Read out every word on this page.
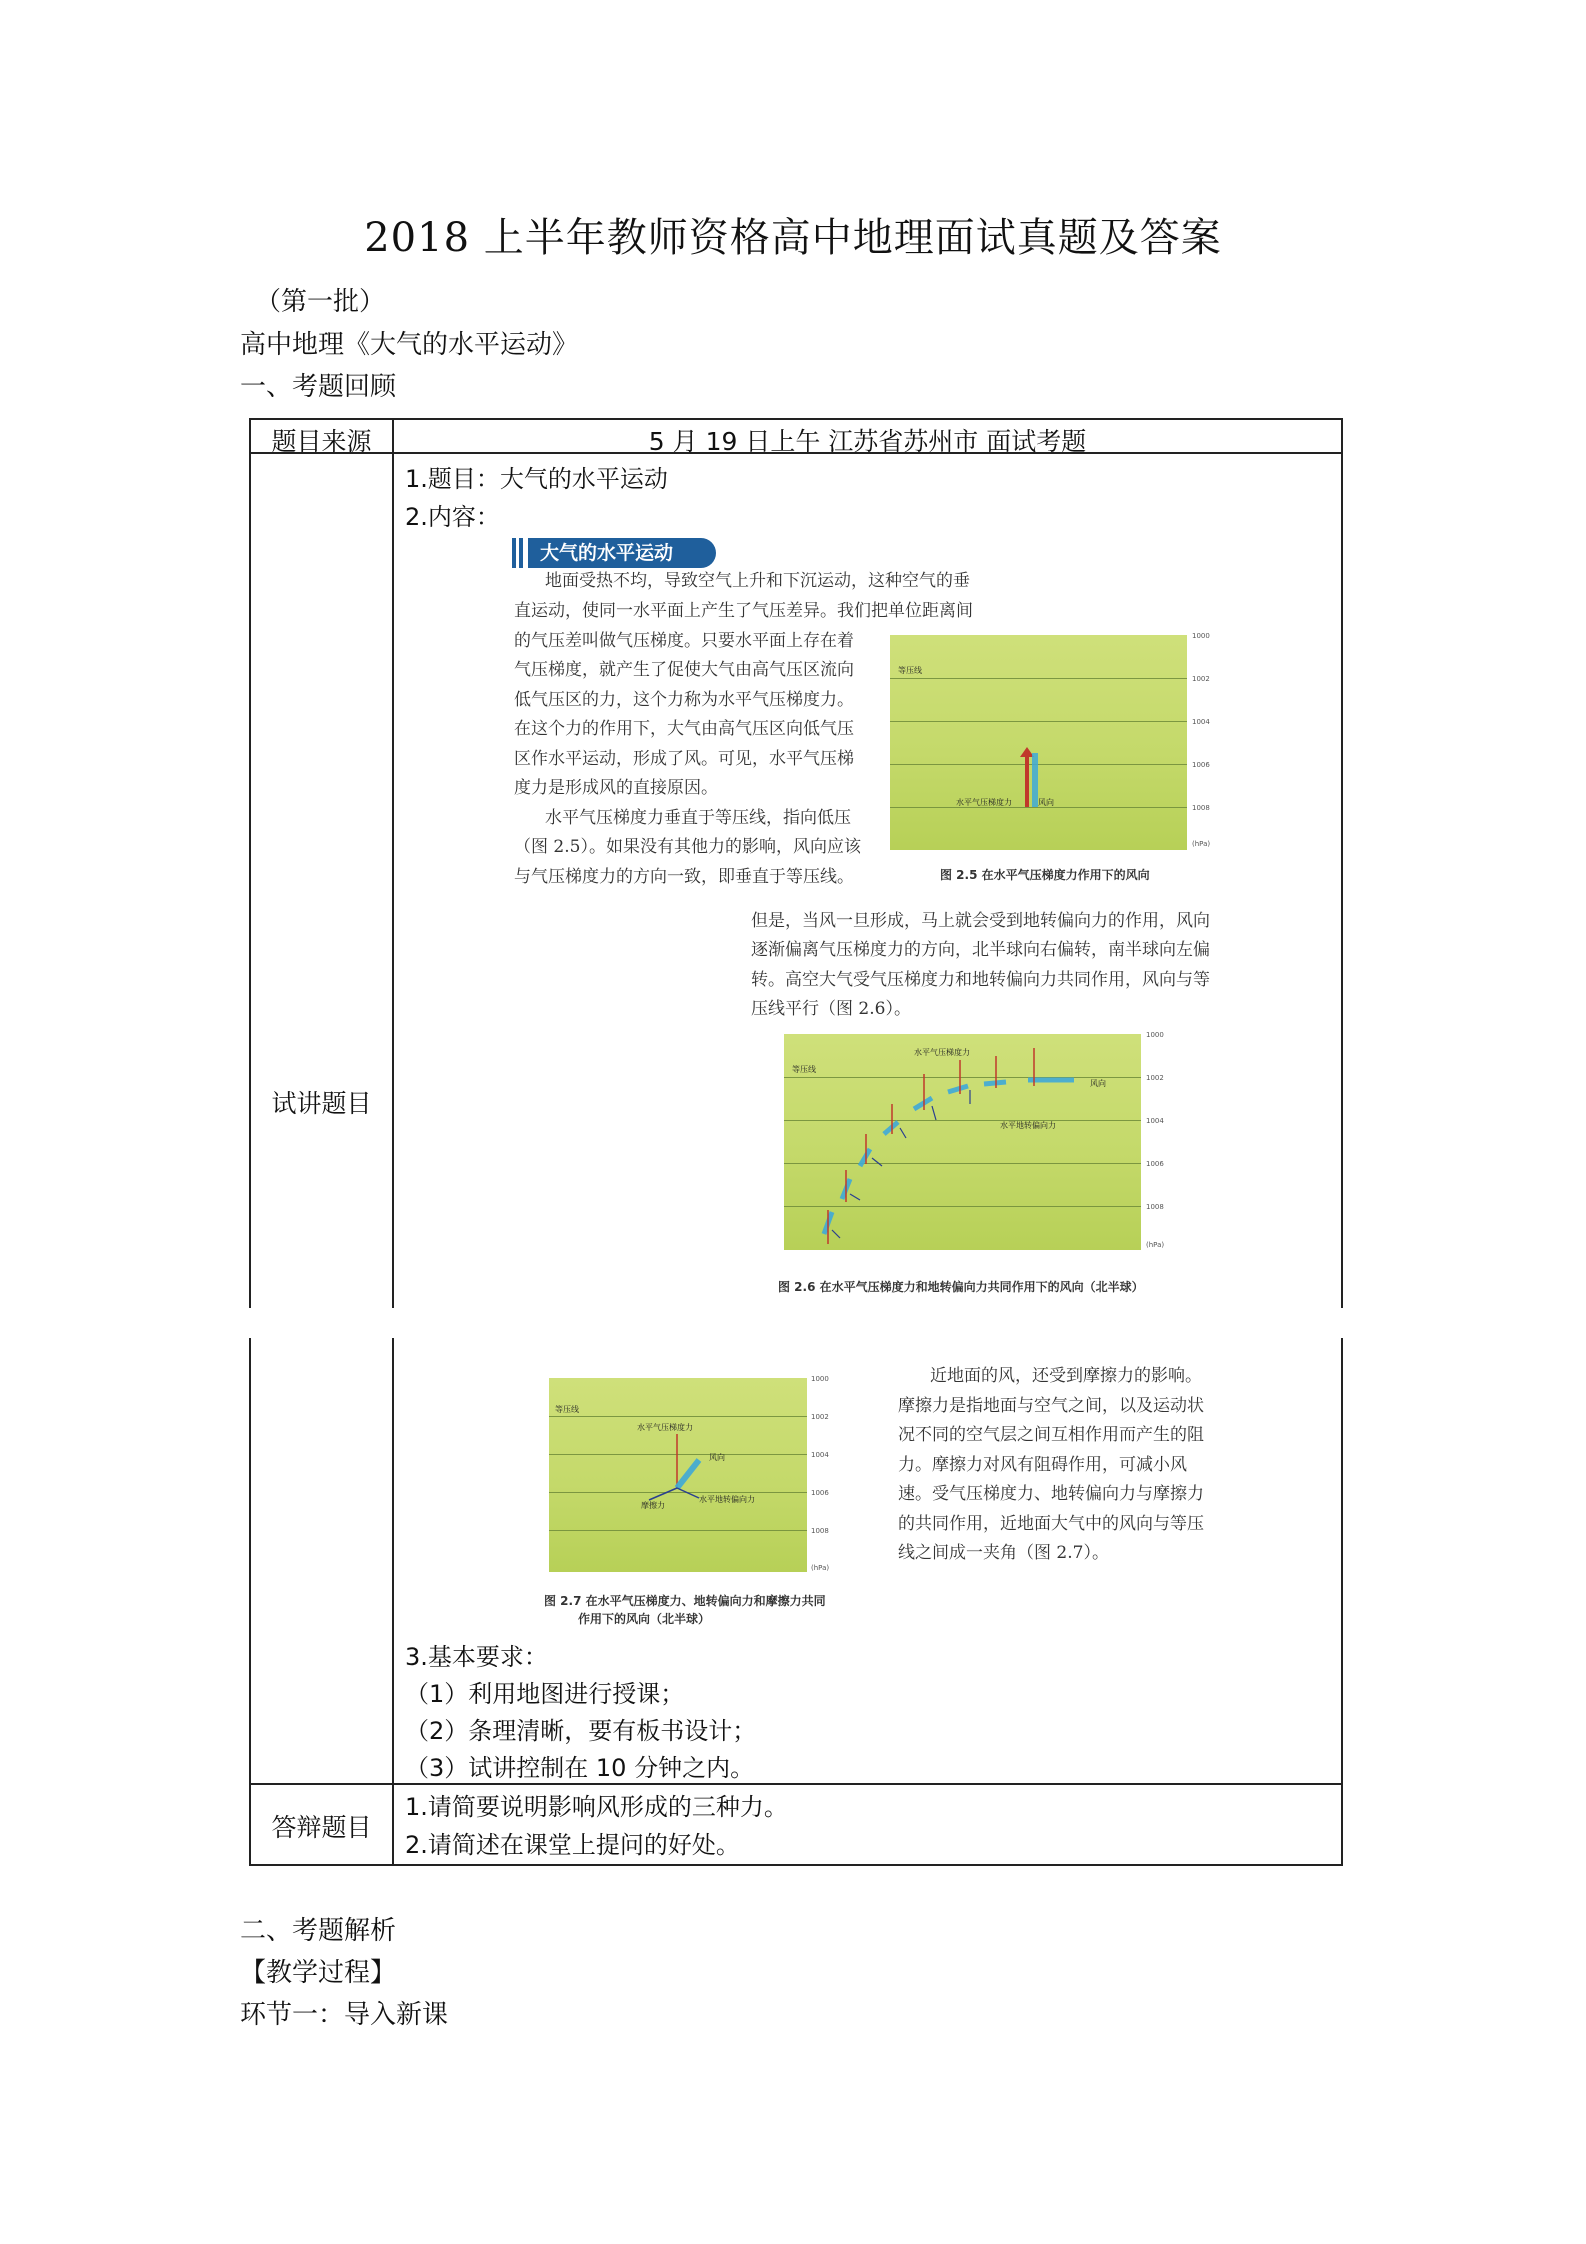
2018 上半年教师资格高中地理面试真题及答案
（第一批）
高中地理《大气的水平运动》
一、考题回顾
题目来源	5 月 19 日上午 江苏省苏州市 面试考题
试讲题目
答辩题目
1.题目：大气的水平运动
2.内容：
大气的水平运动
地面受热不均，导致空气上升和下沉运动，这种空气的垂
直运动，使同一水平面上产生了气压差异。我们把单位距离间
的气压差叫做气压梯度。只要水平面上存在着
气压梯度，就产生了促使大气由高气压区流向
低气压区的力，这个力称为水平气压梯度力。
在这个力的作用下，大气由高气压区向低气压
区作水平运动，形成了风。可见，水平气压梯
度力是形成风的直接原因。
水平气压梯度力垂直于等压线，指向低压
（图 2.5）。如果没有其他力的影响，风向应该
与气压梯度力的方向一致，即垂直于等压线。
等压线
水平气压梯度力	风向
1000
1002
1004
1006
1008
(hPa)
图 2.5 在水平气压梯度力作用下的风向
但是，当风一旦形成，马上就会受到地转偏向力的作用，风向
逐渐偏离气压梯度力的方向，北半球向右偏转，南半球向左偏
转。高空大气受气压梯度力和地转偏向力共同作用，风向与等
压线平行（图 2.6）。
等压线
水平气压梯度力
风向
水平地转偏向力
1000
1002
1004
1006
1008
(hPa)
图 2.6 在水平气压梯度力和地转偏向力共同作用下的风向（北半球）
等压线
水平气压梯度力
风向
水平地转偏向力
摩擦力
1000
1002
1004
1006
1008
(hPa)
图 2.7 在水平气压梯度力、地转偏向力和摩擦力共同
作用下的风向（北半球）
近地面的风，还受到摩擦力的影响。
摩擦力是指地面与空气之间，以及运动状
况不同的空气层之间互相作用而产生的阻
力。摩擦力对风有阻碍作用，可减小风
速。受气压梯度力、地转偏向力与摩擦力
的共同作用，近地面大气中的风向与等压
线之间成一夹角（图 2.7）。
3.基本要求：
（1）利用地图进行授课；
（2）条理清晰，要有板书设计；
（3）试讲控制在 10 分钟之内。
1.请简要说明影响风形成的三种力。
2.请简述在课堂上提问的好处。
二、考题解析
【教学过程】
环节一：导入新课
